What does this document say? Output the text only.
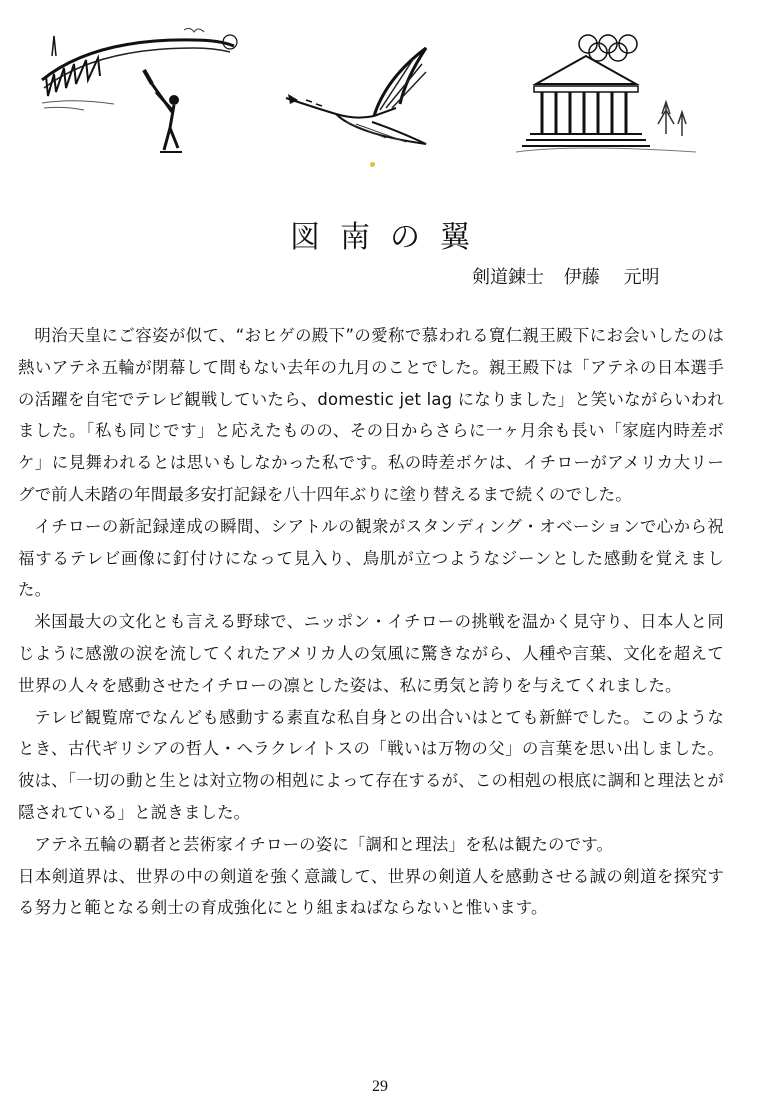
図南の翼
剣道錬士 伊藤 元明

明治天皇にご容姿が似て、“おヒゲの殿下”の愛称で慕われる寛仁親王殿下にお会いしたのは熱いアテネ五輪が閉幕して間もない去年の九月のことでした。親王殿下は「アテネの日本選手の活躍を自宅でテレビ観戦していたら、domestic jet lag になりました」と笑いながらいわれました。「私も同じです」と応えたものの、その日からさらに一ヶ月余も長い「家庭内時差ボケ」に見舞われるとは思いもしなかった私です。私の時差ボケは、イチローがアメリカ大リーグで前人未踏の年間最多安打記録を八十四年ぶりに塗り替えるまで続くのでした。

イチローの新記録達成の瞬間、シアトルの観衆がスタンディング・オベーションで心から祝福するテレビ画像に釘付けになって見入り、鳥肌が立つようなジーンとした感動を覚えました。

米国最大の文化とも言える野球で、ニッポン・イチローの挑戦を温かく見守り、日本人と同じように感激の涙を流してくれたアメリカ人の気風に驚きながら、人種や言葉、文化を超えて世界の人々を感動させたイチローの凛とした姿は、私に勇気と誇りを与えてくれました。

テレビ観覧席でなんども感動する素直な私自身との出合いはとても新鮮でした。このようなとき、古代ギリシアの哲人・ヘラクレイトスの「戦いは万物の父」の言葉を思い出しました。彼は、「一切の動と生とは対立物の相剋によって存在するが、この相剋の根底に調和と理法とが隠されている」と説きました。

アテネ五輪の覇者と芸術家イチローの姿に「調和と理法」を私は観たのです。

日本剣道界は、世界の中の剣道を強く意識して、世界の剣道人を感動させる誠の剣道を探究する努力と範となる剣士の育成強化にとり組まねばならないと惟います。

29
